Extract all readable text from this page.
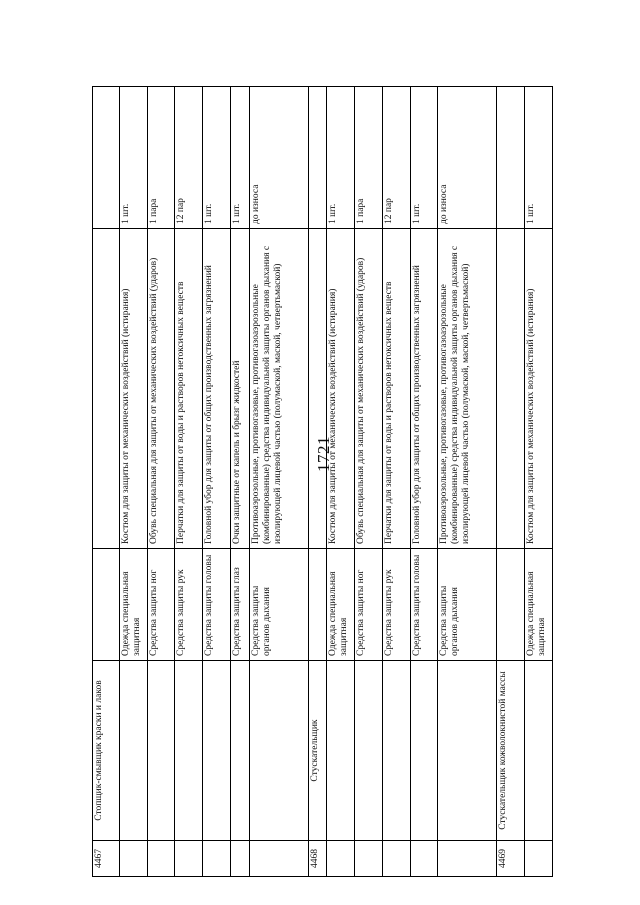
1721
4467	Стопщик-смывщик краски и лаков			
		Одежда специальная защитная	Костюм для защиты от механических воздействий (истирания)	1 шт.
		Средства защиты ног	Обувь специальная для защиты от механических воздействий (ударов)	1 пара
		Средства защиты рук	Перчатки для защиты от воды и растворов нетоксичных веществ	12 пар
		Средства защиты головы	Головной убор для защиты от общих производственных загрязнений	1 шт.
		Средства защиты глаз	Очки защитные от капель и брызг жидкостей	1 шт.
		Средства защиты органов дыхания	Противоаэрозольные, противогазовые, противогазоаэрозольные (комбинированные) средства индивидуальной защиты органов дыхания с изолирующей лицевой частью (полумаской, маской, четвертьмаской)	до износа
4468	Стускательщик			
		Одежда специальная защитная	Костюм для защиты от механических воздействий (истирания)	1 шт.
		Средства защиты ног	Обувь специальная для защиты от механических воздействий (ударов)	1 пара
		Средства защиты рук	Перчатки для защиты от воды и растворов нетоксичных веществ	12 пар
		Средства защиты головы	Головной убор для защиты от общих производственных загрязнений	1 шт.
		Средства защиты органов дыхания	Противоаэрозольные, противогазовые, противогазоаэрозольные (комбинированные) средства индивидуальной защиты органов дыхания с изолирующей лицевой частью (полумаской, маской, четвертьмаской)	до износа
4469	Стускательщик кожволокнистой массы			
		Одежда специальная защитная	Костюм для защиты от механических воздействий (истирания)	1 шт.
